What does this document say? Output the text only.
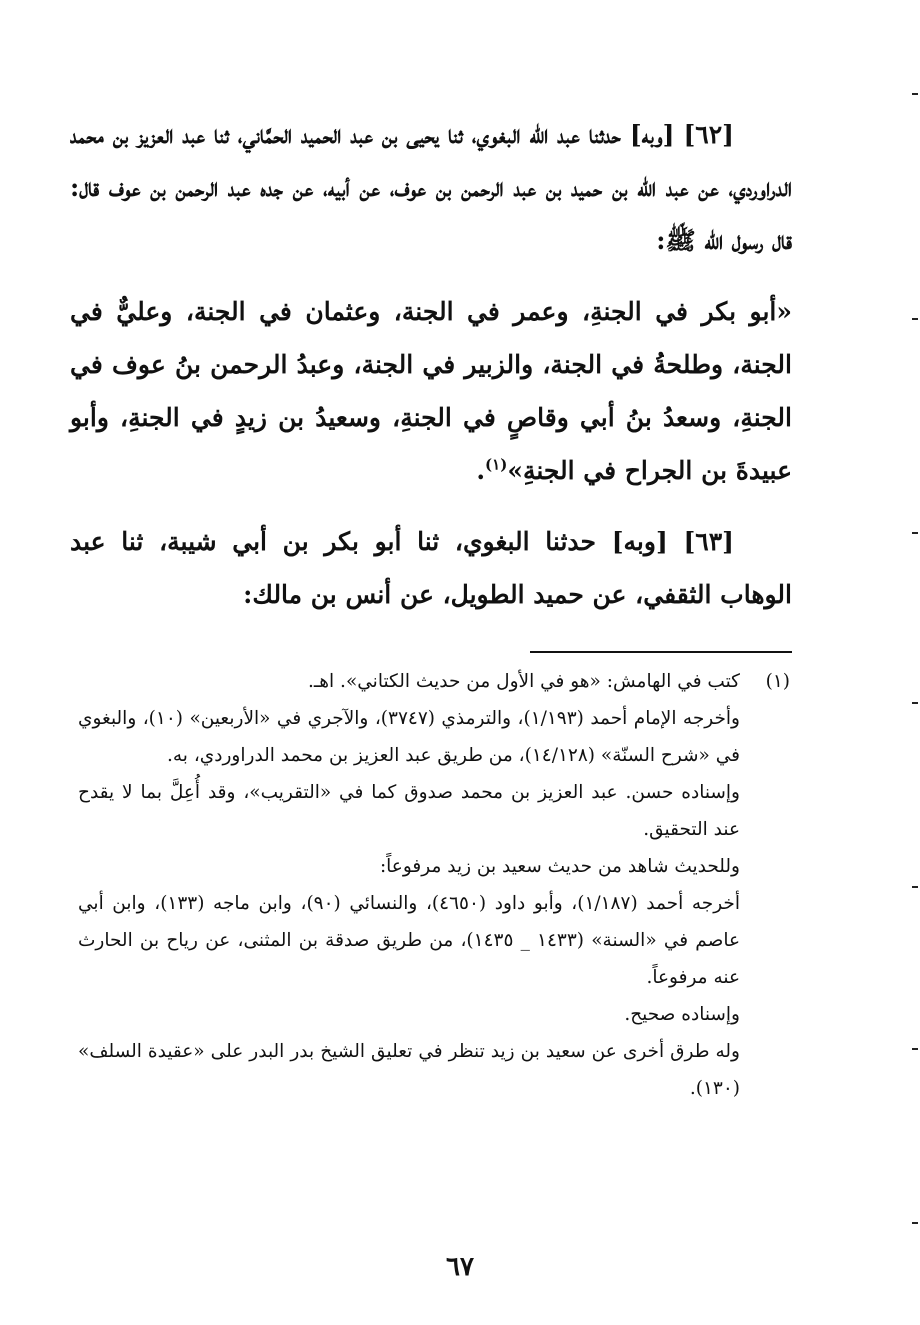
[٦٢] [وبه] حدثنا عبد الله البغوي، ثنا يحيى بن عبد الحميد الحمَّاني، ثنا عبد العزيز بن محمد الدراوردي، عن عبد الله بن حميد بن عبد الرحمن بن عوف، عن أبيه، عن جده عبد الرحمن بن عوف قال: قال رسول الله ﷺ:

«أبو بكر في الجنةِ، وعمر في الجنة، وعثمان في الجنة، وعليٌّ في الجنة، وطلحةُ في الجنة، والزبير في الجنة، وعبدُ الرحمن بنُ عوف في الجنةِ، وسعدُ بنُ أبي وقاصٍ في الجنةِ، وسعيدُ بن زيدٍ في الجنةِ، وأبو عبيدةَ بن الجراح في الجنةِ»$^{(١)}$.

[٦٣] [وبه] حدثنا البغوي، ثنا أبو بكر بن أبي شيبة، ثنا عبد الوهاب الثقفي، عن حميد الطويل، عن أنس بن مالك:

(١)

كتب في الهامش: «هو في الأول من حديث الكتاني». اهـ.

وأخرجه الإمام أحمد (١/١٩٣)، والترمذي (٣٧٤٧)، والآجري في «الأربعين» (١٠)، والبغوي في «شرح السنّة» (١٤/١٢٨)، من طريق عبد العزيز بن محمد الدراوردي، به.

وإسناده حسن. عبد العزيز بن محمد صدوق كما في «التقريب»، وقد أُعِلَّ بما لا يقدح عند التحقيق.

وللحديث شاهد من حديث سعيد بن زيد مرفوعاً:

أخرجه أحمد (١/١٨٧)، وأبو داود (٤٦٥٠)، والنسائي (٩٠)، وابن ماجه (١٣٣)، وابن أبي عاصم في «السنة» (١٤٣٣ _ ١٤٣٥)، من طريق صدقة بن المثنى، عن رياح بن الحارث عنه مرفوعاً.

وإسناده صحيح.

وله طرق أخرى عن سعيد بن زيد تنظر في تعليق الشيخ بدر البدر على «عقيدة السلف» (١٣٠).

٦٧
